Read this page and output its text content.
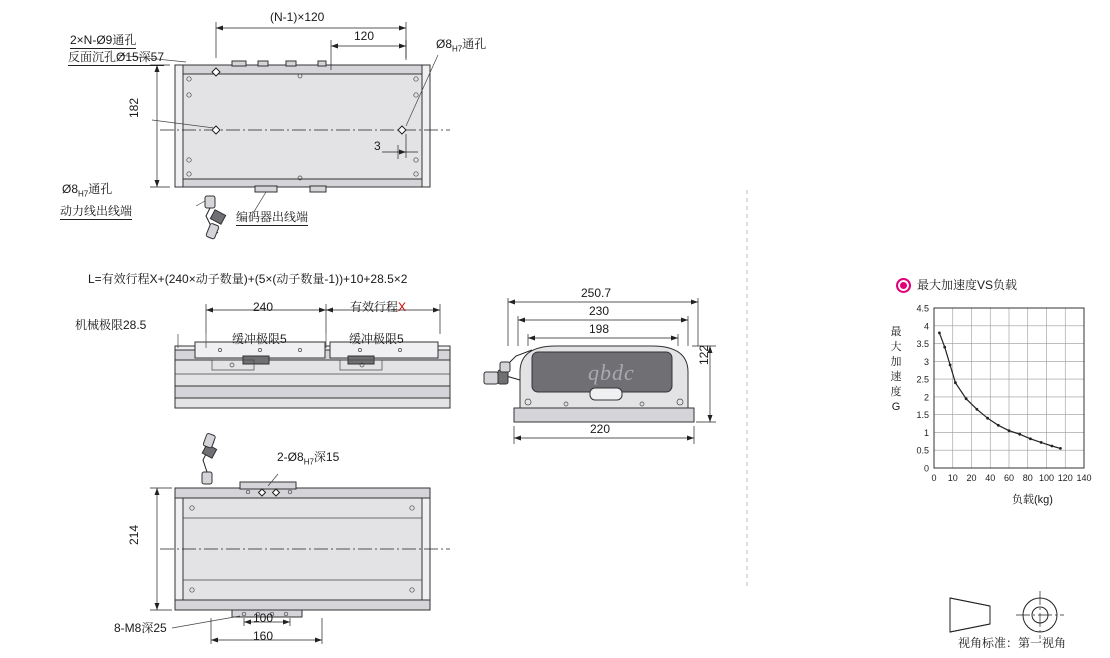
2×N-Ø9通孔
反面沉孔Ø15深57
(N-1)×120
120
$Ø8_{H7}$通孔
182
3
$Ø8_{H7}$通孔
动力线出线端	编码器出线端
L=有效行程X+(240×动子数量)+(5×(动子数量-1))+10+28.5×2
240	有效行程X
机械极限28.5
缓冲极限5	缓冲极限5
250.7
230
198
220
122
qbdc
$2-Ø8_{H7}$深15
214
100
160
8-M8深25
最大加速度VS负载
最
大
加
速
度
G
0
0.5
1
1.5
2
2.5
3
3.5
4
4.5
0 10 20 40 60 80 100 120 140
负载(kg)
视角标准：第一视角
